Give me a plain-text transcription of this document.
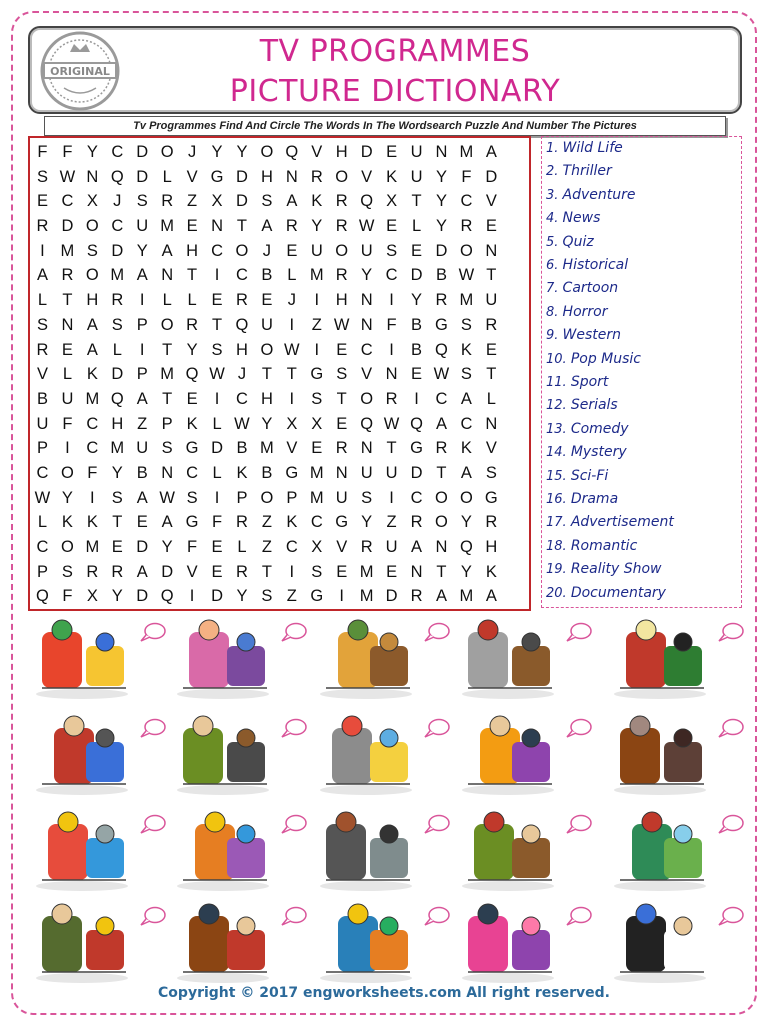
ORIGINAL
TV PROGRAMMES
PICTURE DICTIONARY
Tv Programmes Find And Circle The Words In The Wordsearch Puzzle And Number The Pictures
F F Y C D O J Y Y O Q V H D E U N M A
S W N Q D L V G D H N R O V K U Y F D
E C X J S R Z X D S A K R Q X T Y C V
R D O C U M E N T A R Y R W E L Y R E
I M S D Y A H C O J E U O U S E D O N
A R O M A N T	I	C B L M R Y C D B W T
L T H R	I	L L E R E J	I	H N	I	Y R M U
S N A S P O R T Q U	I	Z W N F B G S R
R E A L	I	T Y S H O W I	E C	I	B Q K E
V L K D P M Q W J T T G S V N E W S T
B U M Q A T E	I	C H	I	S T O R	I	C A L
U F C H Z P K L W Y X X E Q W Q A C N
P	I	C M U S G D B M V E R N T G R K V
C O F Y B N C L K B G M N U U D T A S
W Y	I	S A W S	I	P O P M U S	I	C O O G
L K K T E A G F R Z K C G Y Z R O Y R
C O M E D Y F E L Z C X V R U A N Q H
P S R R A D V E R T	I	S E M E N T Y K
Q F X Y D Q I	D Y S Z G I M D R A M A
1. Wild Life
2. Thriller
3. Adventure
4. News
5. Quiz
6. Historical
7. Cartoon
8. Horror
9. Western
10. Pop Music
11. Sport
12. Serials
13. Comedy
14. Mystery
15. Sci-Fi
16. Drama
17. Advertisement
18. Romantic
19. Reality Show
20. Documentary
Copyright © 2017 engworksheets.com All right reserved.
